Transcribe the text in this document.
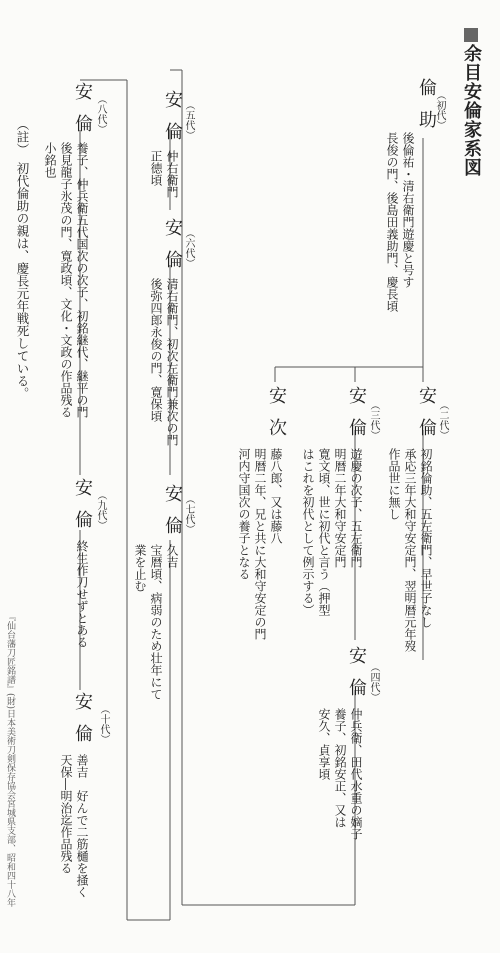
余目安倫家系図
（初代）
倫助
後倫祐・清右衛門遊慶と号す
長俊の門、後島田義助門、慶長頃
（二代）
安倫
初銘倫助、五左衛門、早世子なし
承応三年大和守安定門、翌明暦元年歿
作品世に無し
（三代）
安倫
遊慶の次子、五左衛門
明暦二年大和守安定門
寛文頃、世に初代と言う（押型
はこれを初代として例示する）
安次
藤八郎、又は藤八
明暦二年、兄と共に大和守安定の門
河内守国次の養子となる
（四代）
安倫
仲兵衛、田代水重の嫡子
養子、初銘安正、又は
安久、貞享頃
（五代）
安倫
仲右衛門
正徳頃
（六代）
安倫
清右衛門、初次左衛門兼次の門
後弥四郎永俊の門、寛保頃
（七代）
安倫
久吉
宝暦頃、病弱のため壮年にて
業を止む
（八代）
安倫
養子、仲兵衛五代国次の次子、初銘継代、継平の門
後見龍子氷茂の門、寛政頃、文化・文政の作品残る
小銘也
（九代）
安倫
終生作刀せずとある
（十代）
安倫
善吉　好んで二筋樋を掻く
天保―明治迄作品残る
（註）初代倫助の親は、慶長元年戦死している。
『仙台藩刀匠銘譜』(財)日本美術刀剣保存協会宮城県支部、昭和四十八年
